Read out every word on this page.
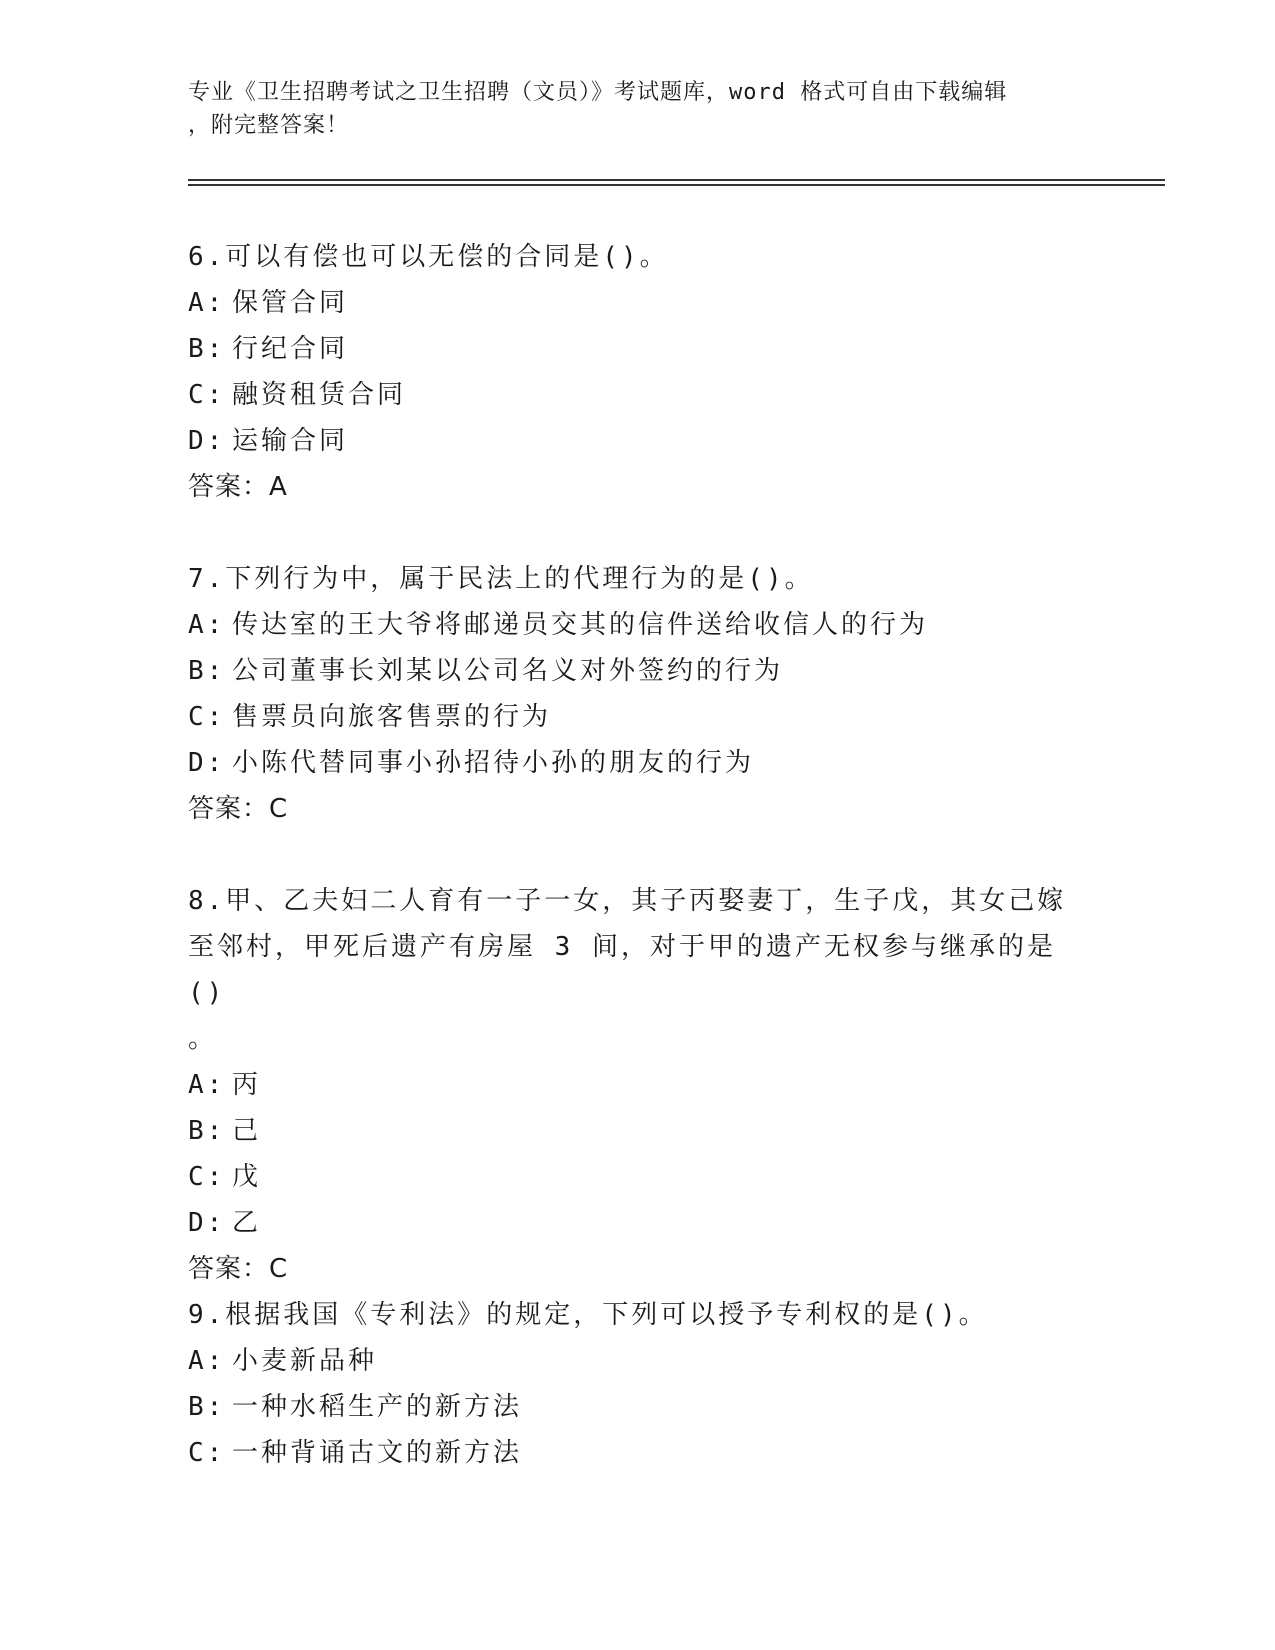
专业《卫生招聘考试之卫生招聘（文员）》考试题库，word 格式可自由下载编辑
，附完整答案！
6.可以有偿也可以无偿的合同是()。
A: 保管合同
B: 行纪合同
C: 融资租赁合同
D: 运输合同
答案：A
7.下列行为中，属于民法上的代理行为的是()。
A: 传达室的王大爷将邮递员交其的信件送给收信人的行为
B: 公司董事长刘某以公司名义对外签约的行为
C: 售票员向旅客售票的行为
D: 小陈代替同事小孙招待小孙的朋友的行为
答案：C
8.甲、乙夫妇二人育有一子一女，其子丙娶妻丁，生子戊，其女己嫁
至邻村，甲死后遗产有房屋 3 间，对于甲的遗产无权参与继承的是()
。
A: 丙
B: 己
C: 戊
D: 乙
答案：C
9.根据我国《专利法》的规定，下列可以授予专利权的是()。
A: 小麦新品种
B: 一种水稻生产的新方法
C: 一种背诵古文的新方法
